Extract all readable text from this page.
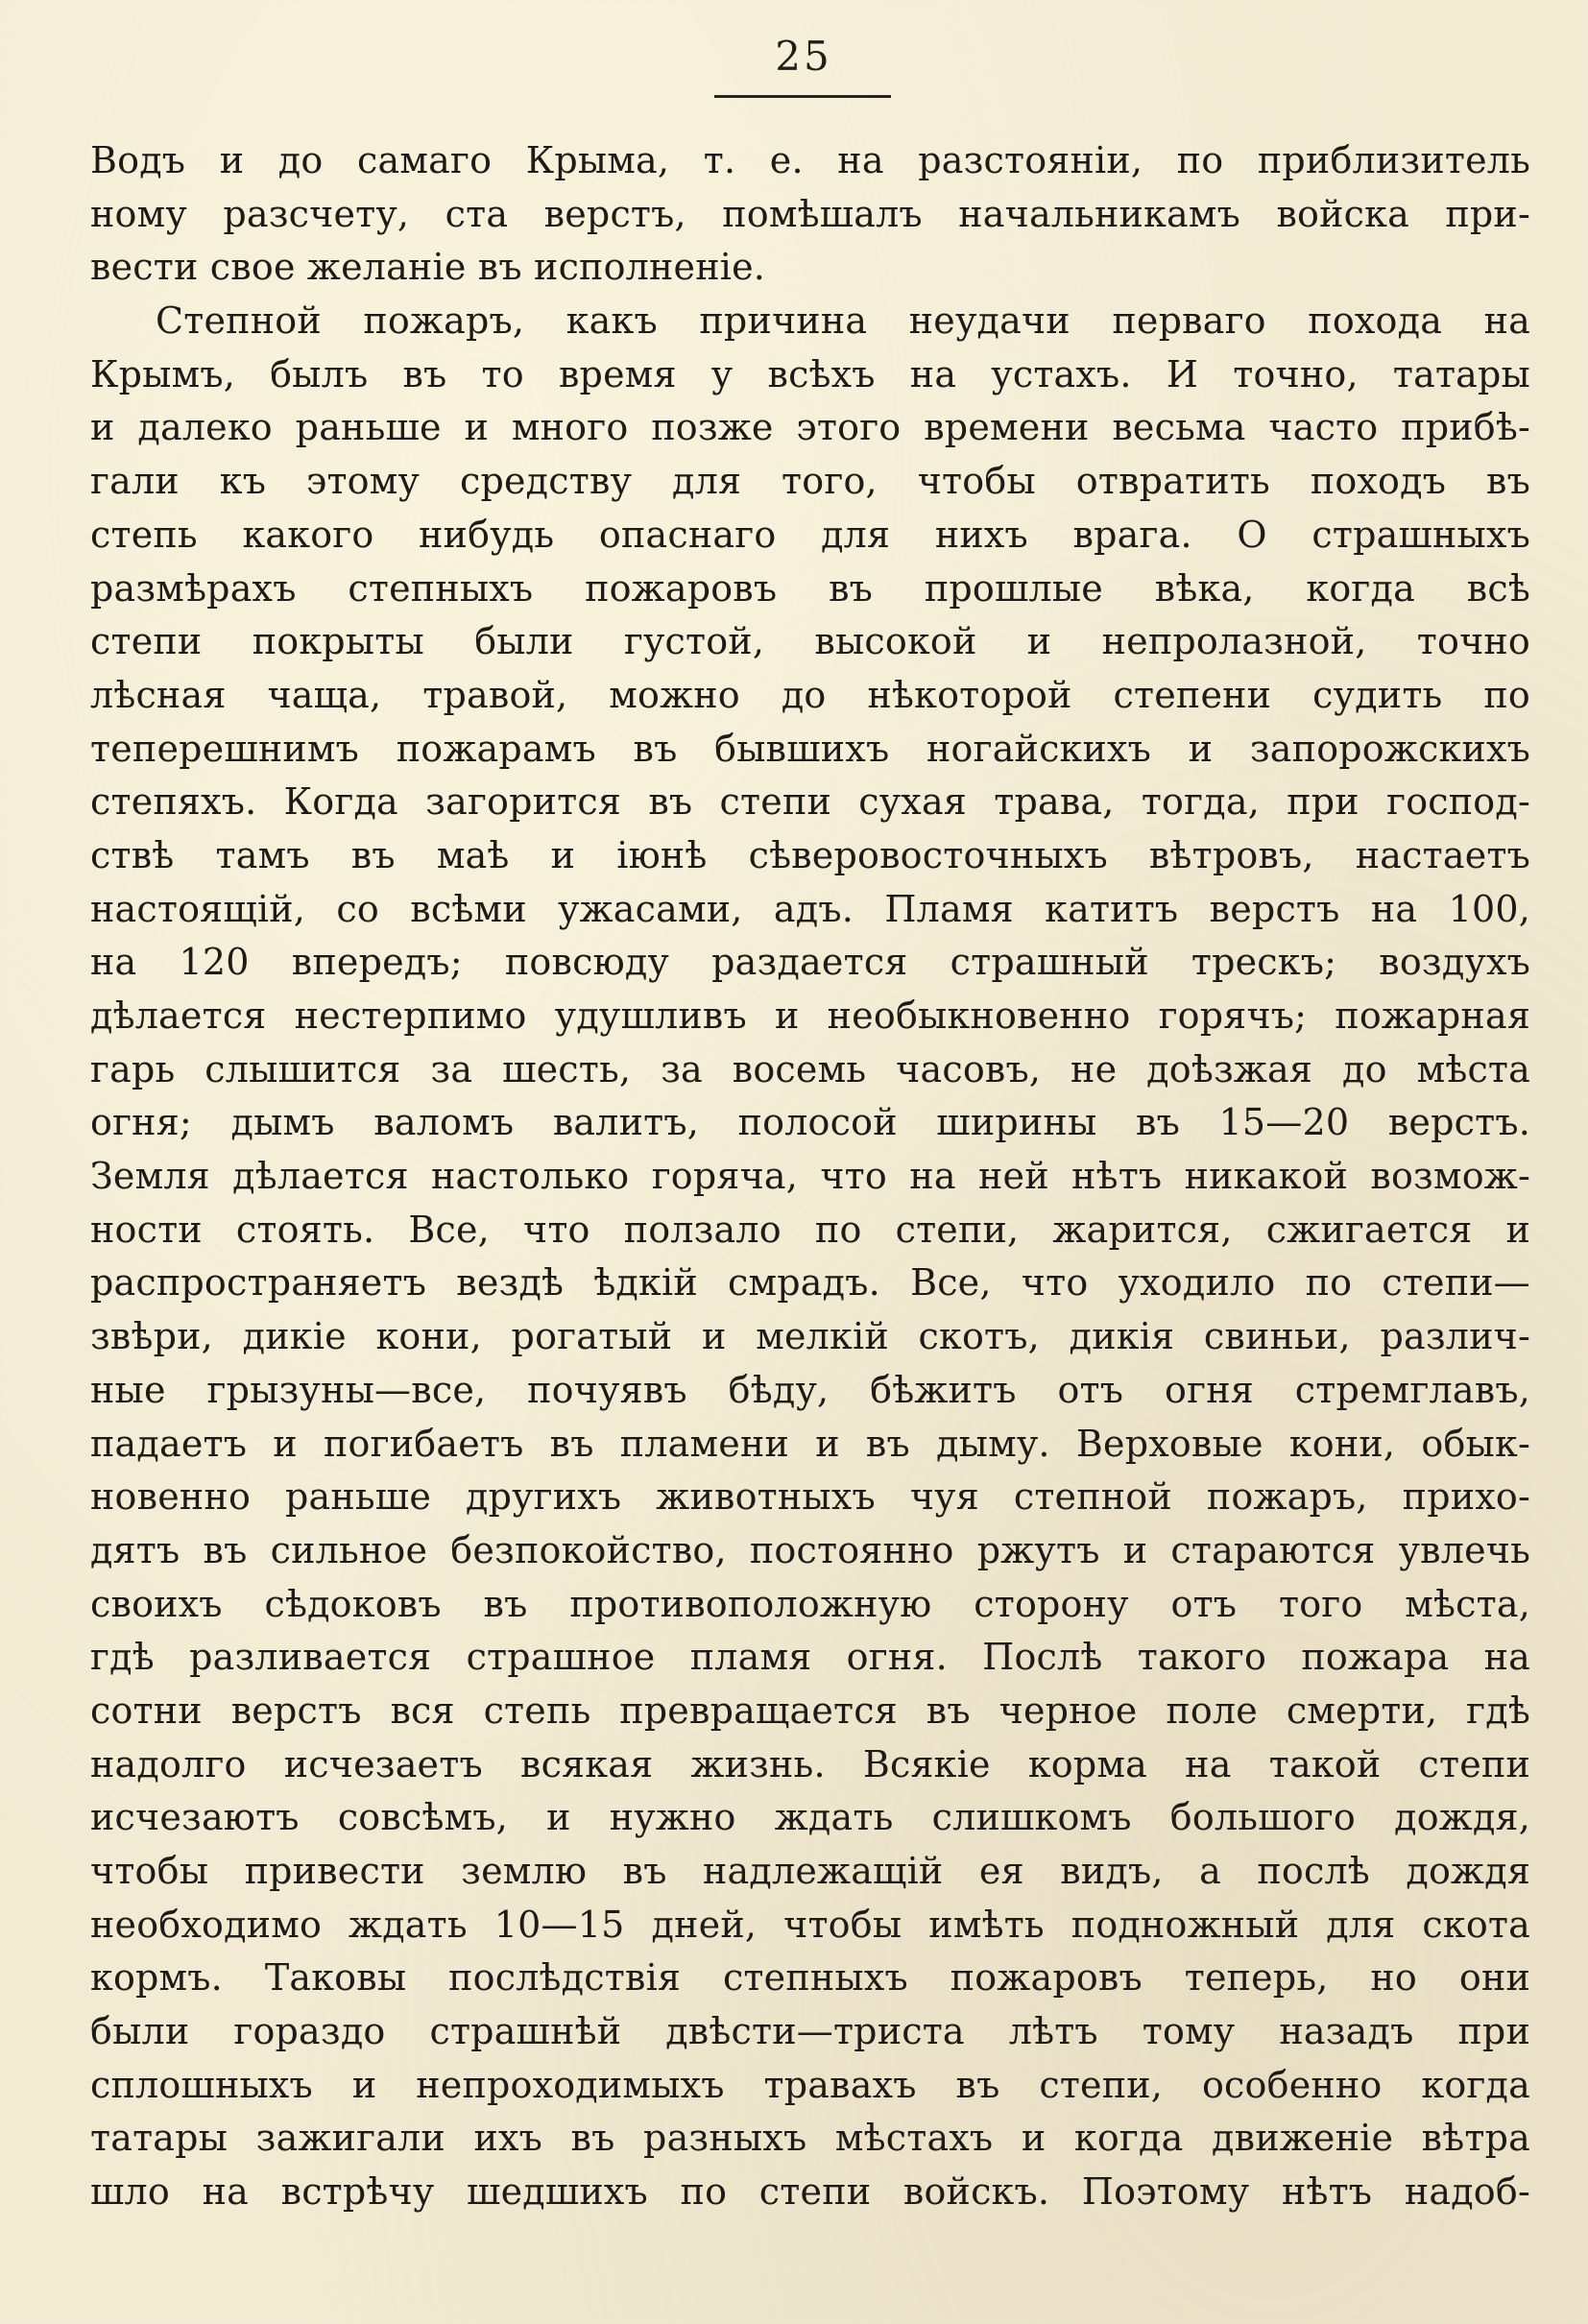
25
Водъ и до самаго Крыма, т. е. на разстояніи, по приблизитель
ному разсчету, ста верстъ, помѣшалъ начальникамъ войска при-
вести свое желаніе въ исполненіе.
Степной пожаръ, какъ причина неудачи перваго похода на
Крымъ, былъ въ то время у всѣхъ на устахъ. И точно, татары
и далеко раньше и много позже этого времени весьма часто прибѣ-
гали къ этому средству для того, чтобы отвратить походъ въ
степь какого нибудь опаснаго для нихъ врага. О страшныхъ
размѣрахъ степныхъ пожаровъ въ прошлые вѣка, когда всѣ
степи покрыты были густой, высокой и непролазной, точно
лѣсная чаща, травой, можно до нѣкоторой степени судить по
теперешнимъ пожарамъ въ бывшихъ ногайскихъ и запорожскихъ
степяхъ. Когда загорится въ степи сухая трава, тогда, при господ-
ствѣ тамъ въ маѣ и іюнѣ сѣверовосточныхъ вѣтровъ, настаетъ
настоящій, со всѣми ужасами, адъ. Пламя катитъ верстъ на 100,
на 120 впередъ; повсюду раздается страшный трескъ; воздухъ
дѣлается нестерпимо удушливъ и необыкновенно горячъ; пожарная
гарь слышится за шесть, за восемь часовъ, не доѣзжая до мѣста
огня; дымъ валомъ валитъ, полосой ширины въ 15—20 верстъ.
Земля дѣлается настолько горяча, что на ней нѣтъ никакой возмож-
ности стоять. Все, что ползало по степи, жарится, сжигается и
распространяетъ вездѣ ѣдкій смрадъ. Все, что уходило по степи—
звѣри, дикіе кони, рогатый и мелкій скотъ, дикія свиньи, различ-
ные грызуны—все, почуявъ бѣду, бѣжитъ отъ огня стремглавъ,
падаетъ и погибаетъ въ пламени и въ дыму. Верховые кони, обык-
новенно раньше другихъ животныхъ чуя степной пожаръ, прихо-
дятъ въ сильное безпокойство, постоянно ржутъ и стараются увлечь
своихъ сѣдоковъ въ противоположную сторону отъ того мѣста,
гдѣ разливается страшное пламя огня. Послѣ такого пожара на
сотни верстъ вся степь превращается въ черное поле смерти, гдѣ
надолго исчезаетъ всякая жизнь. Всякіе корма на такой степи
исчезаютъ совсѣмъ, и нужно ждать слишкомъ большого дождя,
чтобы привести землю въ надлежащій ея видъ, а послѣ дождя
необходимо ждать 10—15 дней, чтобы имѣть подножный для скота
кормъ. Таковы послѣдствія степныхъ пожаровъ теперь, но они
были гораздо страшнѣй двѣсти—триста лѣтъ тому назадъ при
сплошныхъ и непроходимыхъ травахъ въ степи, особенно когда
татары зажигали ихъ въ разныхъ мѣстахъ и когда движеніе вѣтра
шло на встрѣчу шедшихъ по степи войскъ. Поэтому нѣтъ надоб-
